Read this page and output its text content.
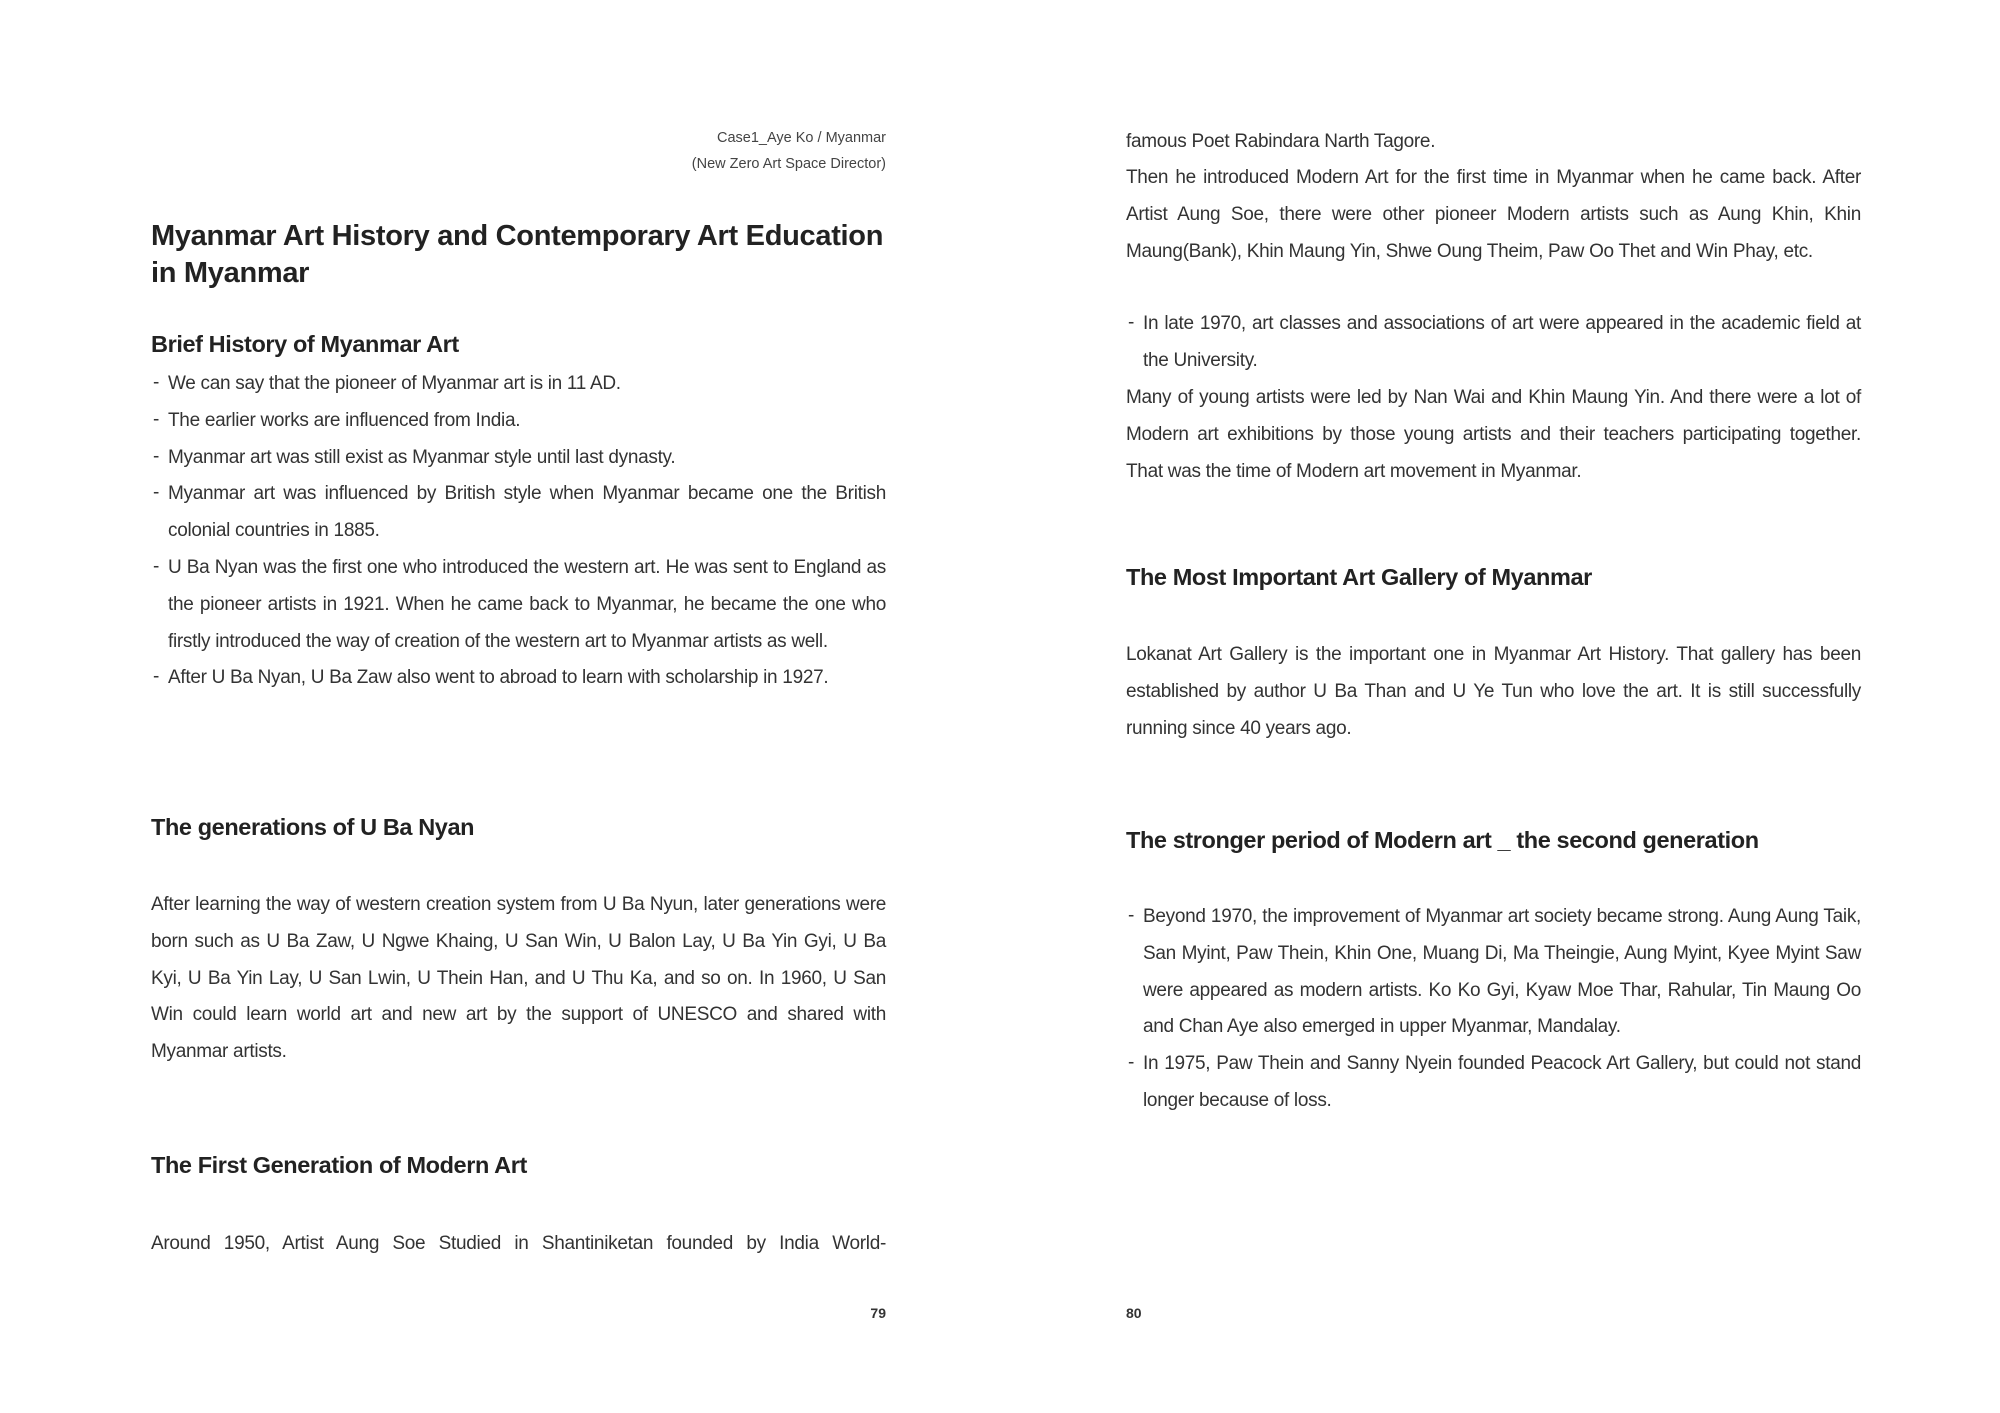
Case1_Aye Ko / Myanmar
(New Zero Art Space Director)
Myanmar Art History and Contemporary Art Education in Myanmar
Brief History of Myanmar Art
- We can say that the pioneer of Myanmar art is in 11 AD.
- The earlier works are influenced from India.
- Myanmar art was still exist as Myanmar style until last dynasty.
- Myanmar art was influenced by British style when Myanmar became one the British colonial countries in 1885.
- U Ba Nyan was the first one who introduced the western art. He was sent to England as the pioneer artists in 1921. When he came back to Myanmar, he became the one who firstly introduced the way of creation of the western art to Myanmar artists as well.
- After U Ba Nyan, U Ba Zaw also went to abroad to learn with scholarship in 1927.
The generations of U Ba Nyan

After learning the way of western creation system from U Ba Nyun, later generations were born such as U Ba Zaw, U Ngwe Khaing, U San Win, U Balon Lay, U Ba Yin Gyi, U Ba Kyi, U Ba Yin Lay, U San Lwin, U Thein Han, and U Thu Ka, and so on. In 1960, U San Win could learn world art and new art by the support of UNESCO and shared with Myanmar artists.

The First Generation of Modern Art

Around 1950, Artist Aung Soe Studied in Shantiniketan founded by India World-

79

famous Poet Rabindara Narth Tagore.

Then he introduced Modern Art for the first time in Myanmar when he came back. After Artist Aung Soe, there were other pioneer Modern artists such as Aung Khin, Khin Maung(Bank), Khin Maung Yin, Shwe Oung Theim, Paw Oo Thet and Win Phay, etc.

- In late 1970, art classes and associations of art were appeared in the academic field at the University.

Many of young artists were led by Nan Wai and Khin Maung Yin. And there were a lot of Modern art exhibitions by those young artists and their teachers participating together. That was the time of Modern art movement in Myanmar.

The Most Important Art Gallery of Myanmar

Lokanat Art Gallery is the important one in Myanmar Art History. That gallery has been established by author U Ba Than and U Ye Tun who love the art. It is still successfully running since 40 years ago.

The stronger period of Modern art _ the second generation
- Beyond 1970, the improvement of Myanmar art society became strong. Aung Aung Taik, San Myint, Paw Thein, Khin One, Muang Di, Ma Theingie, Aung Myint, Kyee Myint Saw were appeared as modern artists. Ko Ko Gyi, Kyaw Moe Thar, Rahular, Tin Maung Oo and Chan Aye also emerged in upper Myanmar, Mandalay.
- In 1975, Paw Thein and Sanny Nyein founded Peacock Art Gallery, but could not stand longer because of loss.
80
